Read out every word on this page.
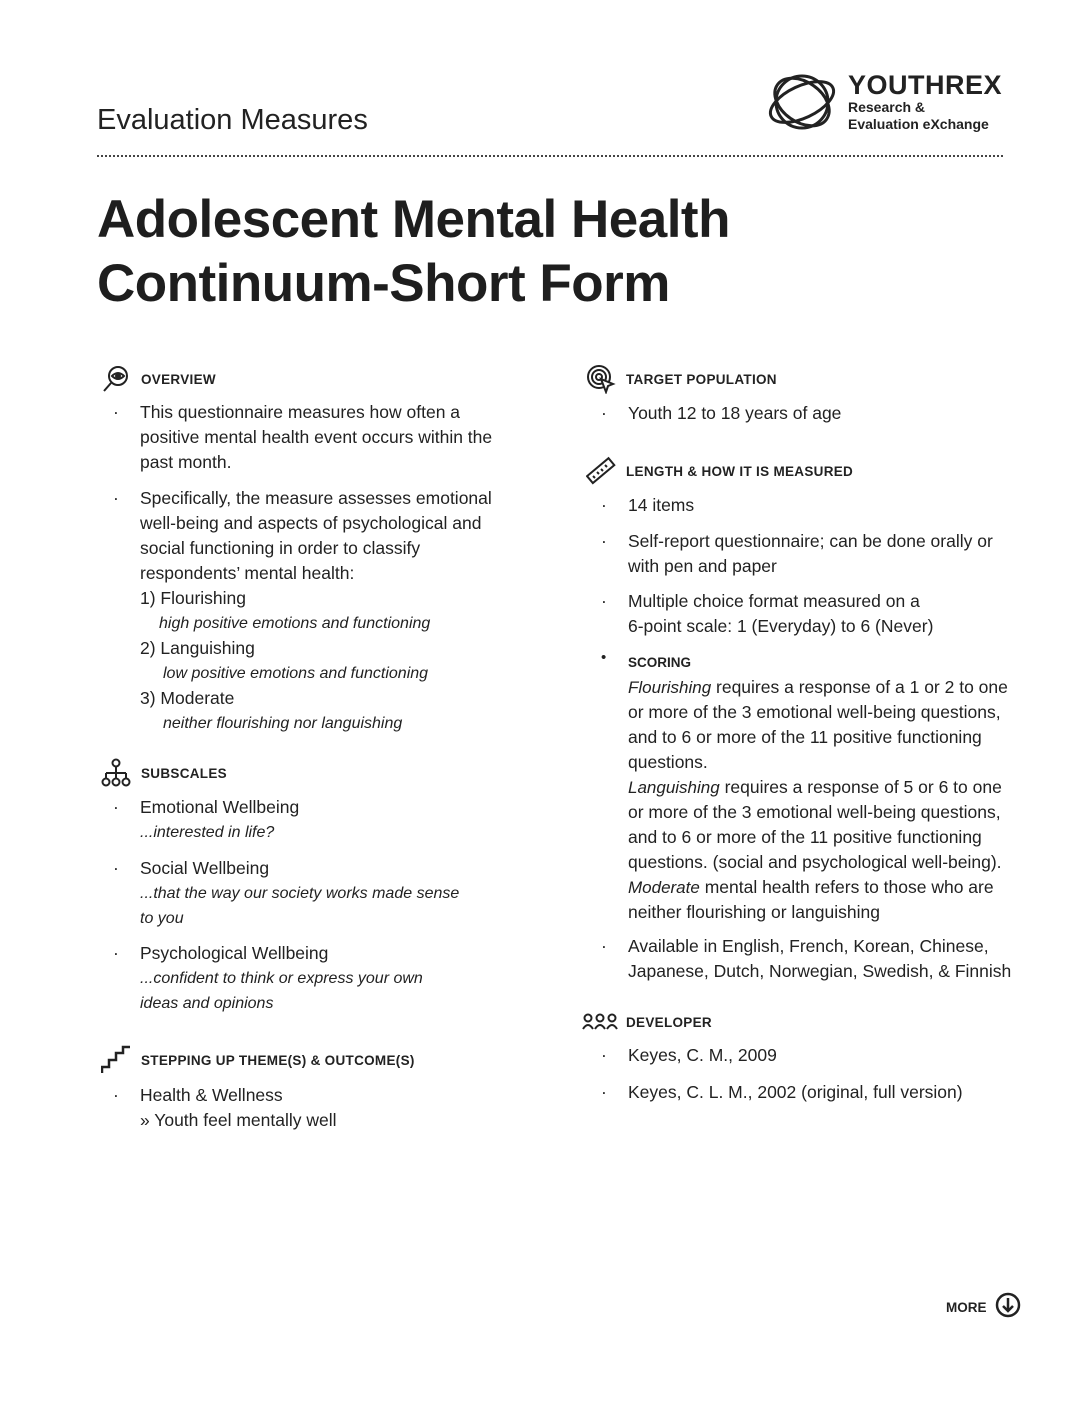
Evaluation Measures
YOUTHREX
Research &
Evaluation eXchange
Adolescent Mental Health
Continuum-Short Form
OVERVIEW
· This questionnaire measures how often a
positive mental health event occurs within the
past month.
· Specifically, the measure assesses emotional
well-being and aspects of psychological and
social functioning in order to classify
respondents’ mental health:
1) Flourishing
high positive emotions and functioning
2) Languishing
low positive emotions and functioning
3) Moderate
neither flourishing nor languishing
SUBSCALES
· Emotional Wellbeing
...interested in life?
· Social Wellbeing
...that the way our society works made sense
to you
· Psychological Wellbeing
...confident to think or express your own
ideas and opinions
STEPPING UP THEME(S) & OUTCOME(S)
· Health & Wellness
» Youth feel mentally well
TARGET POPULATION
· Youth 12 to 18 years of age
LENGTH & HOW IT IS MEASURED
· 14 items
· Self-report questionnaire; can be done orally or
with pen and paper
· Multiple choice format measured on a
6-point scale: 1 (Everyday) to 6 (Never)
• SCORING
Flourishing requires a response of a 1 or 2 to one
or more of the 3 emotional well-being questions,
and to 6 or more of the 11 positive functioning
questions.
Languishing requires a response of 5 or 6 to one
or more of the 3 emotional well-being questions,
and to 6 or more of the 11 positive functioning
questions. (social and psychological well-being).
Moderate mental health refers to those who are
neither flourishing or languishing
· Available in English, French, Korean, Chinese,
Japanese, Dutch, Norwegian, Swedish, & Finnish
DEVELOPER
· Keyes, C. M., 2009
· Keyes, C. L. M., 2002 (original, full version)
MORE
